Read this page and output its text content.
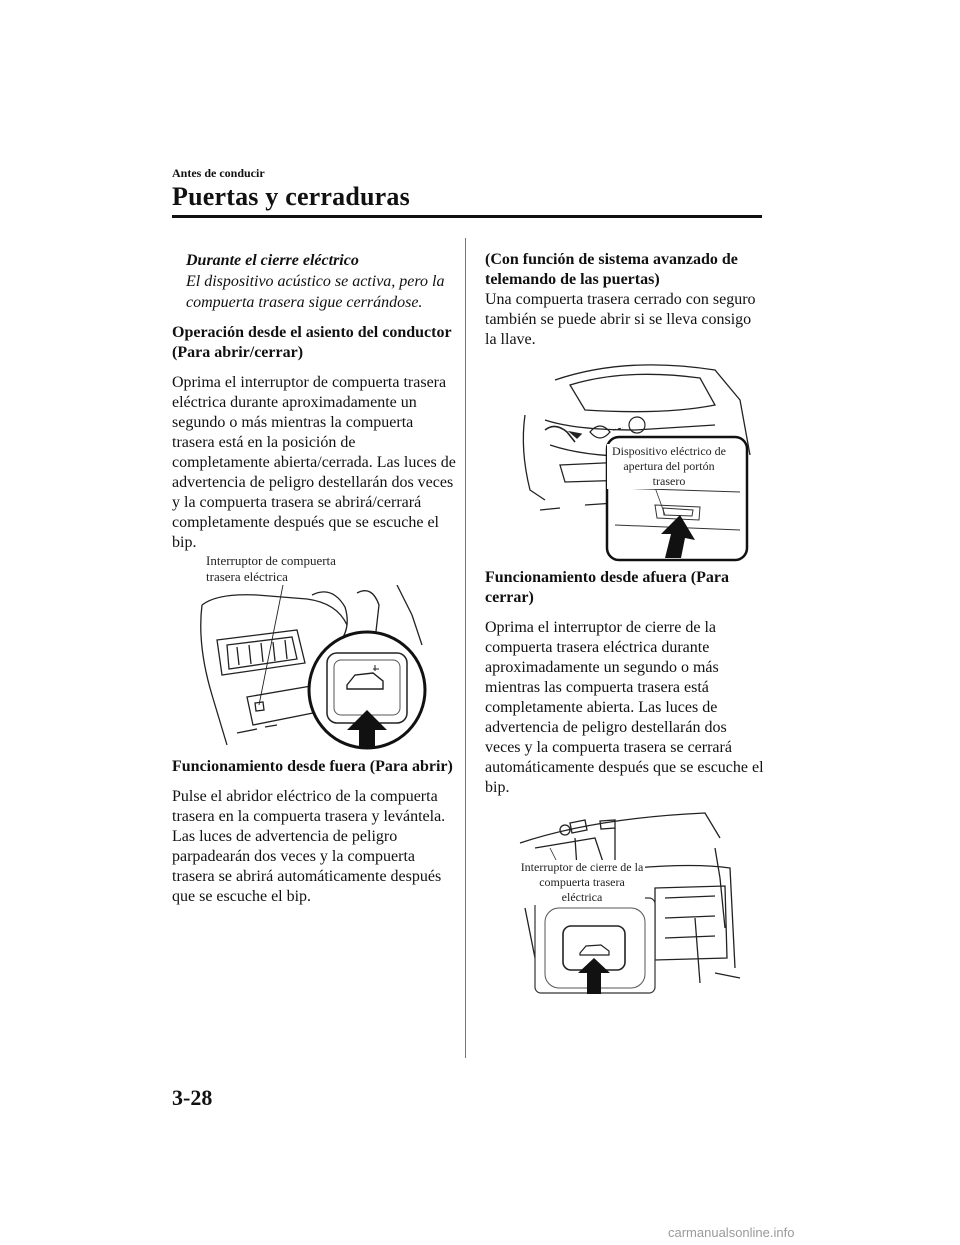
Antes de conducir
Puertas y cerraduras
Durante el cierre eléctrico
El dispositivo acústico se activa, pero la compuerta trasera sigue cerrándose.
Operación desde el asiento del conductor (Para abrir/cerrar)

Oprima el interruptor de compuerta trasera eléctrica durante aproximadamente un segundo o más mientras la compuerta trasera está en la posición de completamente abierta/cerrada. Las luces de advertencia de peligro destellarán dos veces y la compuerta trasera se abrirá/cerrará completamente después que se escuche el bip.

Interruptor de compuerta
trasera eléctrica
Funcionamiento desde fuera (Para abrir)

Pulse el abridor eléctrico de la compuerta trasera en la compuerta trasera y levántela. Las luces de advertencia de peligro parpadearán dos veces y la compuerta trasera se abrirá automáticamente después que se escuche el bip.

(Con función de sistema avanzado de telemando de las puertas)

Una compuerta trasera cerrado con seguro también se puede abrir si se lleva consigo la llave.

Dispositivo eléctrico de
apertura del portón trasero
Funcionamiento desde afuera (Para cerrar)

Oprima el interruptor de cierre de la compuerta trasera eléctrica durante aproximadamente un segundo o más mientras las compuerta trasera está completamente abierta. Las luces de advertencia de peligro destellarán dos veces y la compuerta trasera se cerrará automáticamente después que se escuche el bip.

Interruptor de cierre de la
compuerta trasera eléctrica
3-28
carmanualsonline.info
